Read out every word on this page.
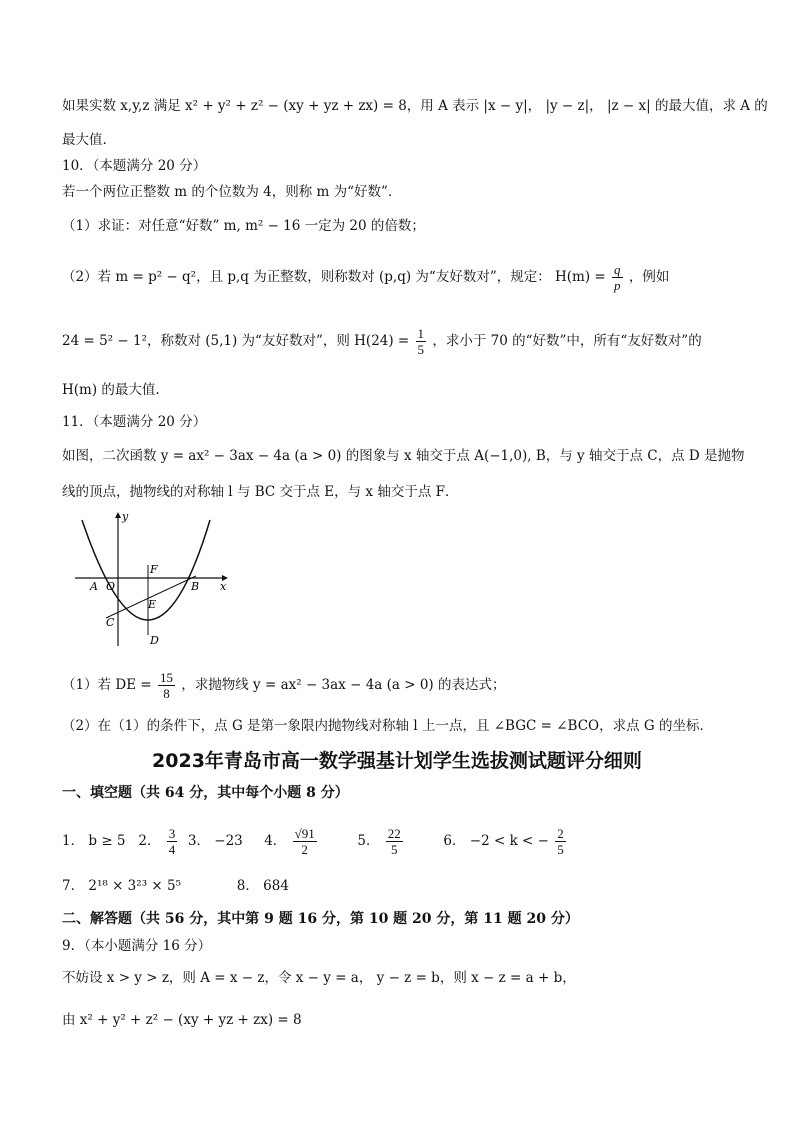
如果实数 x,y,z 满足 x² + y² + z² − (xy + yz + zx) = 8，用 A 表示 |x − y|， |y − z|， |z − x| 的最大值，求 A 的
最大值.
10．（本题满分 20 分）
若一个两位正整数 m 的个位数为 4，则称 m 为“好数”．
（1）求证：对任意“好数” m, m² − 16 一定为 20 的倍数；
（2）若 m = p² − q²，且 p,q 为正整数，则称数对 (p,q) 为“友好数对”，规定： $H(m) = \frac{q}{p}$ ，例如
24 = 5² − 1²，称数对 (5,1) 为“友好数对”，则 $H(24) = \frac{1}{5}$ ，求小于 70 的“好数”中，所有“友好数对”的
H(m) 的最大值.
11．（本题满分 20 分）
如图，二次函数 y = ax² − 3ax − 4a (a > 0) 的图象与 x 轴交于点 A(−1,0), B，与 y 轴交于点 C，点 D 是抛物
线的顶点，抛物线的对称轴 l 与 BC 交于点 E，与 x 轴交于点 F．
y
x
A O
F
B
E
C
D
（1）若 DE = $\frac{15}{8}$ ，求抛物线 y = ax² − 3ax − 4a (a > 0) 的表达式；
（2）在（1）的条件下，点 G 是第一象限内抛物线对称轴 l 上一点，且 ∠BGC = ∠BCO，求点 G 的坐标．
2023年青岛市高一数学强基计划学生选拔测试题评分细则
一、填空题（共 64 分，其中每个小题 8 分）
1． b ≥ 5 2． $\frac{3}{4} 3$． −23 4． $\frac{√91}{2}$	5． $\frac{22}{5}$	6． −2 < k < − $\frac{2}{5}$
7． 2¹⁸ × 3²³ × 5⁵	8． 684
二、解答题（共 56 分，其中第 9 题 16 分，第 10 题 20 分，第 11 题 20 分）
9．（本小题满分 16 分）
不妨设 x > y > z，则 A = x − z，令 x − y = a， y − z = b，则 x − z = a + b，
由 x² + y² + z² − (xy + yz + zx) = 8
